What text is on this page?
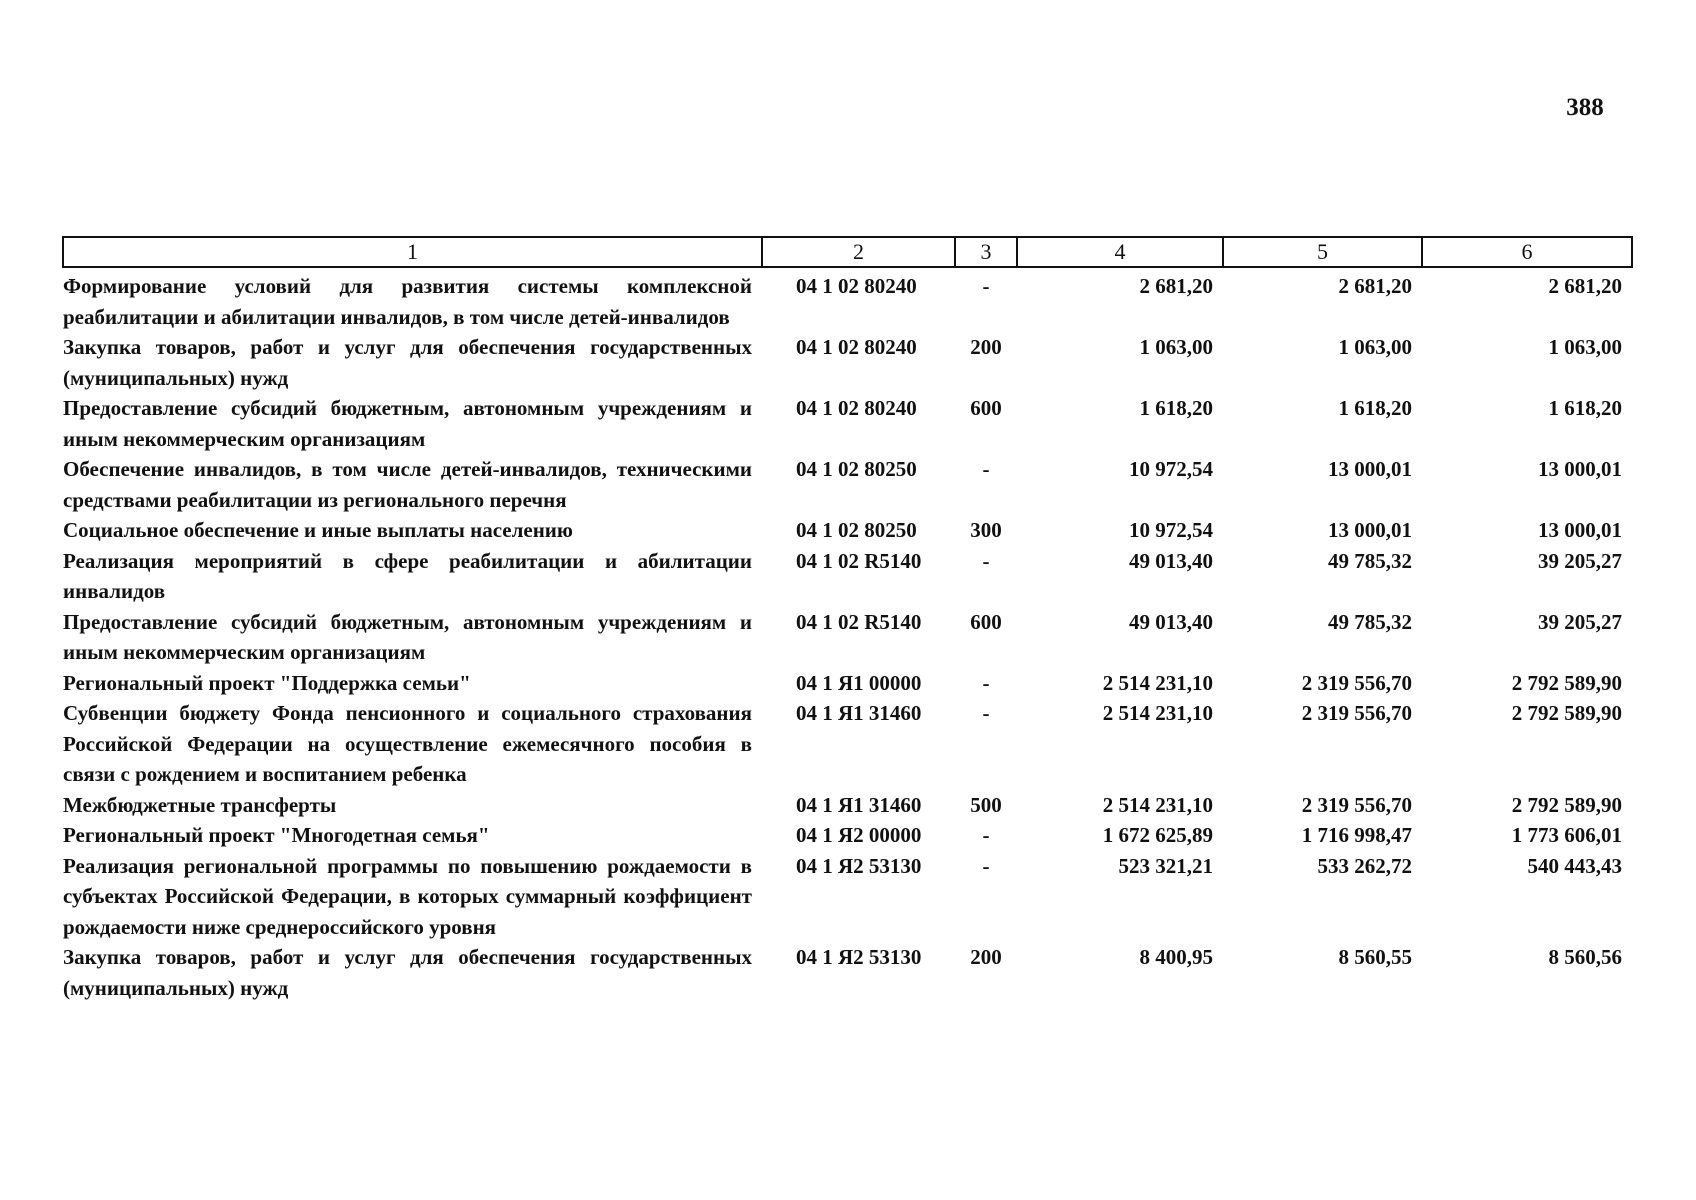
388
1	2	3	4	5	6
Формирование условий для развития системы комплексной реабилитации и абилитации инвалидов, в том числе детей-инвалидов	04 1 02 80240	-	2 681,20	2 681,20	2 681,20
Закупка товаров, работ и услуг для обеспечения государственных (муниципальных) нужд	04 1 02 80240	200	1 063,00	1 063,00	1 063,00
Предоставление субсидий бюджетным, автономным учреждениям и иным некоммерческим организациям	04 1 02 80240	600	1 618,20	1 618,20	1 618,20
Обеспечение инвалидов, в том числе детей-инвалидов, техническими средствами реабилитации из регионального перечня	04 1 02 80250	-	10 972,54	13 000,01	13 000,01
Социальное обеспечение и иные выплаты населению	04 1 02 80250	300	10 972,54	13 000,01	13 000,01
Реализация мероприятий в сфере реабилитации и абилитации инвалидов	04 1 02 R5140	-	49 013,40	49 785,32	39 205,27
Предоставление субсидий бюджетным, автономным учреждениям и иным некоммерческим организациям	04 1 02 R5140	600	49 013,40	49 785,32	39 205,27
Региональный проект "Поддержка семьи"	04 1 Я1 00000	-	2 514 231,10	2 319 556,70	2 792 589,90
Субвенции бюджету Фонда пенсионного и социального страхования Российской Федерации на осуществление ежемесячного пособия в связи с рождением и воспитанием ребенка	04 1 Я1 31460	-	2 514 231,10	2 319 556,70	2 792 589,90
Межбюджетные трансферты	04 1 Я1 31460	500	2 514 231,10	2 319 556,70	2 792 589,90
Региональный проект "Многодетная семья"	04 1 Я2 00000	-	1 672 625,89	1 716 998,47	1 773 606,01
Реализация региональной программы по повышению рождаемости в субъектах Российской Федерации, в которых суммарный коэффициент рождаемости ниже среднероссийского уровня	04 1 Я2 53130	-	523 321,21	533 262,72	540 443,43
Закупка товаров, работ и услуг для обеспечения государственных (муниципальных) нужд	04 1 Я2 53130	200	8 400,95	8 560,55	8 560,56
